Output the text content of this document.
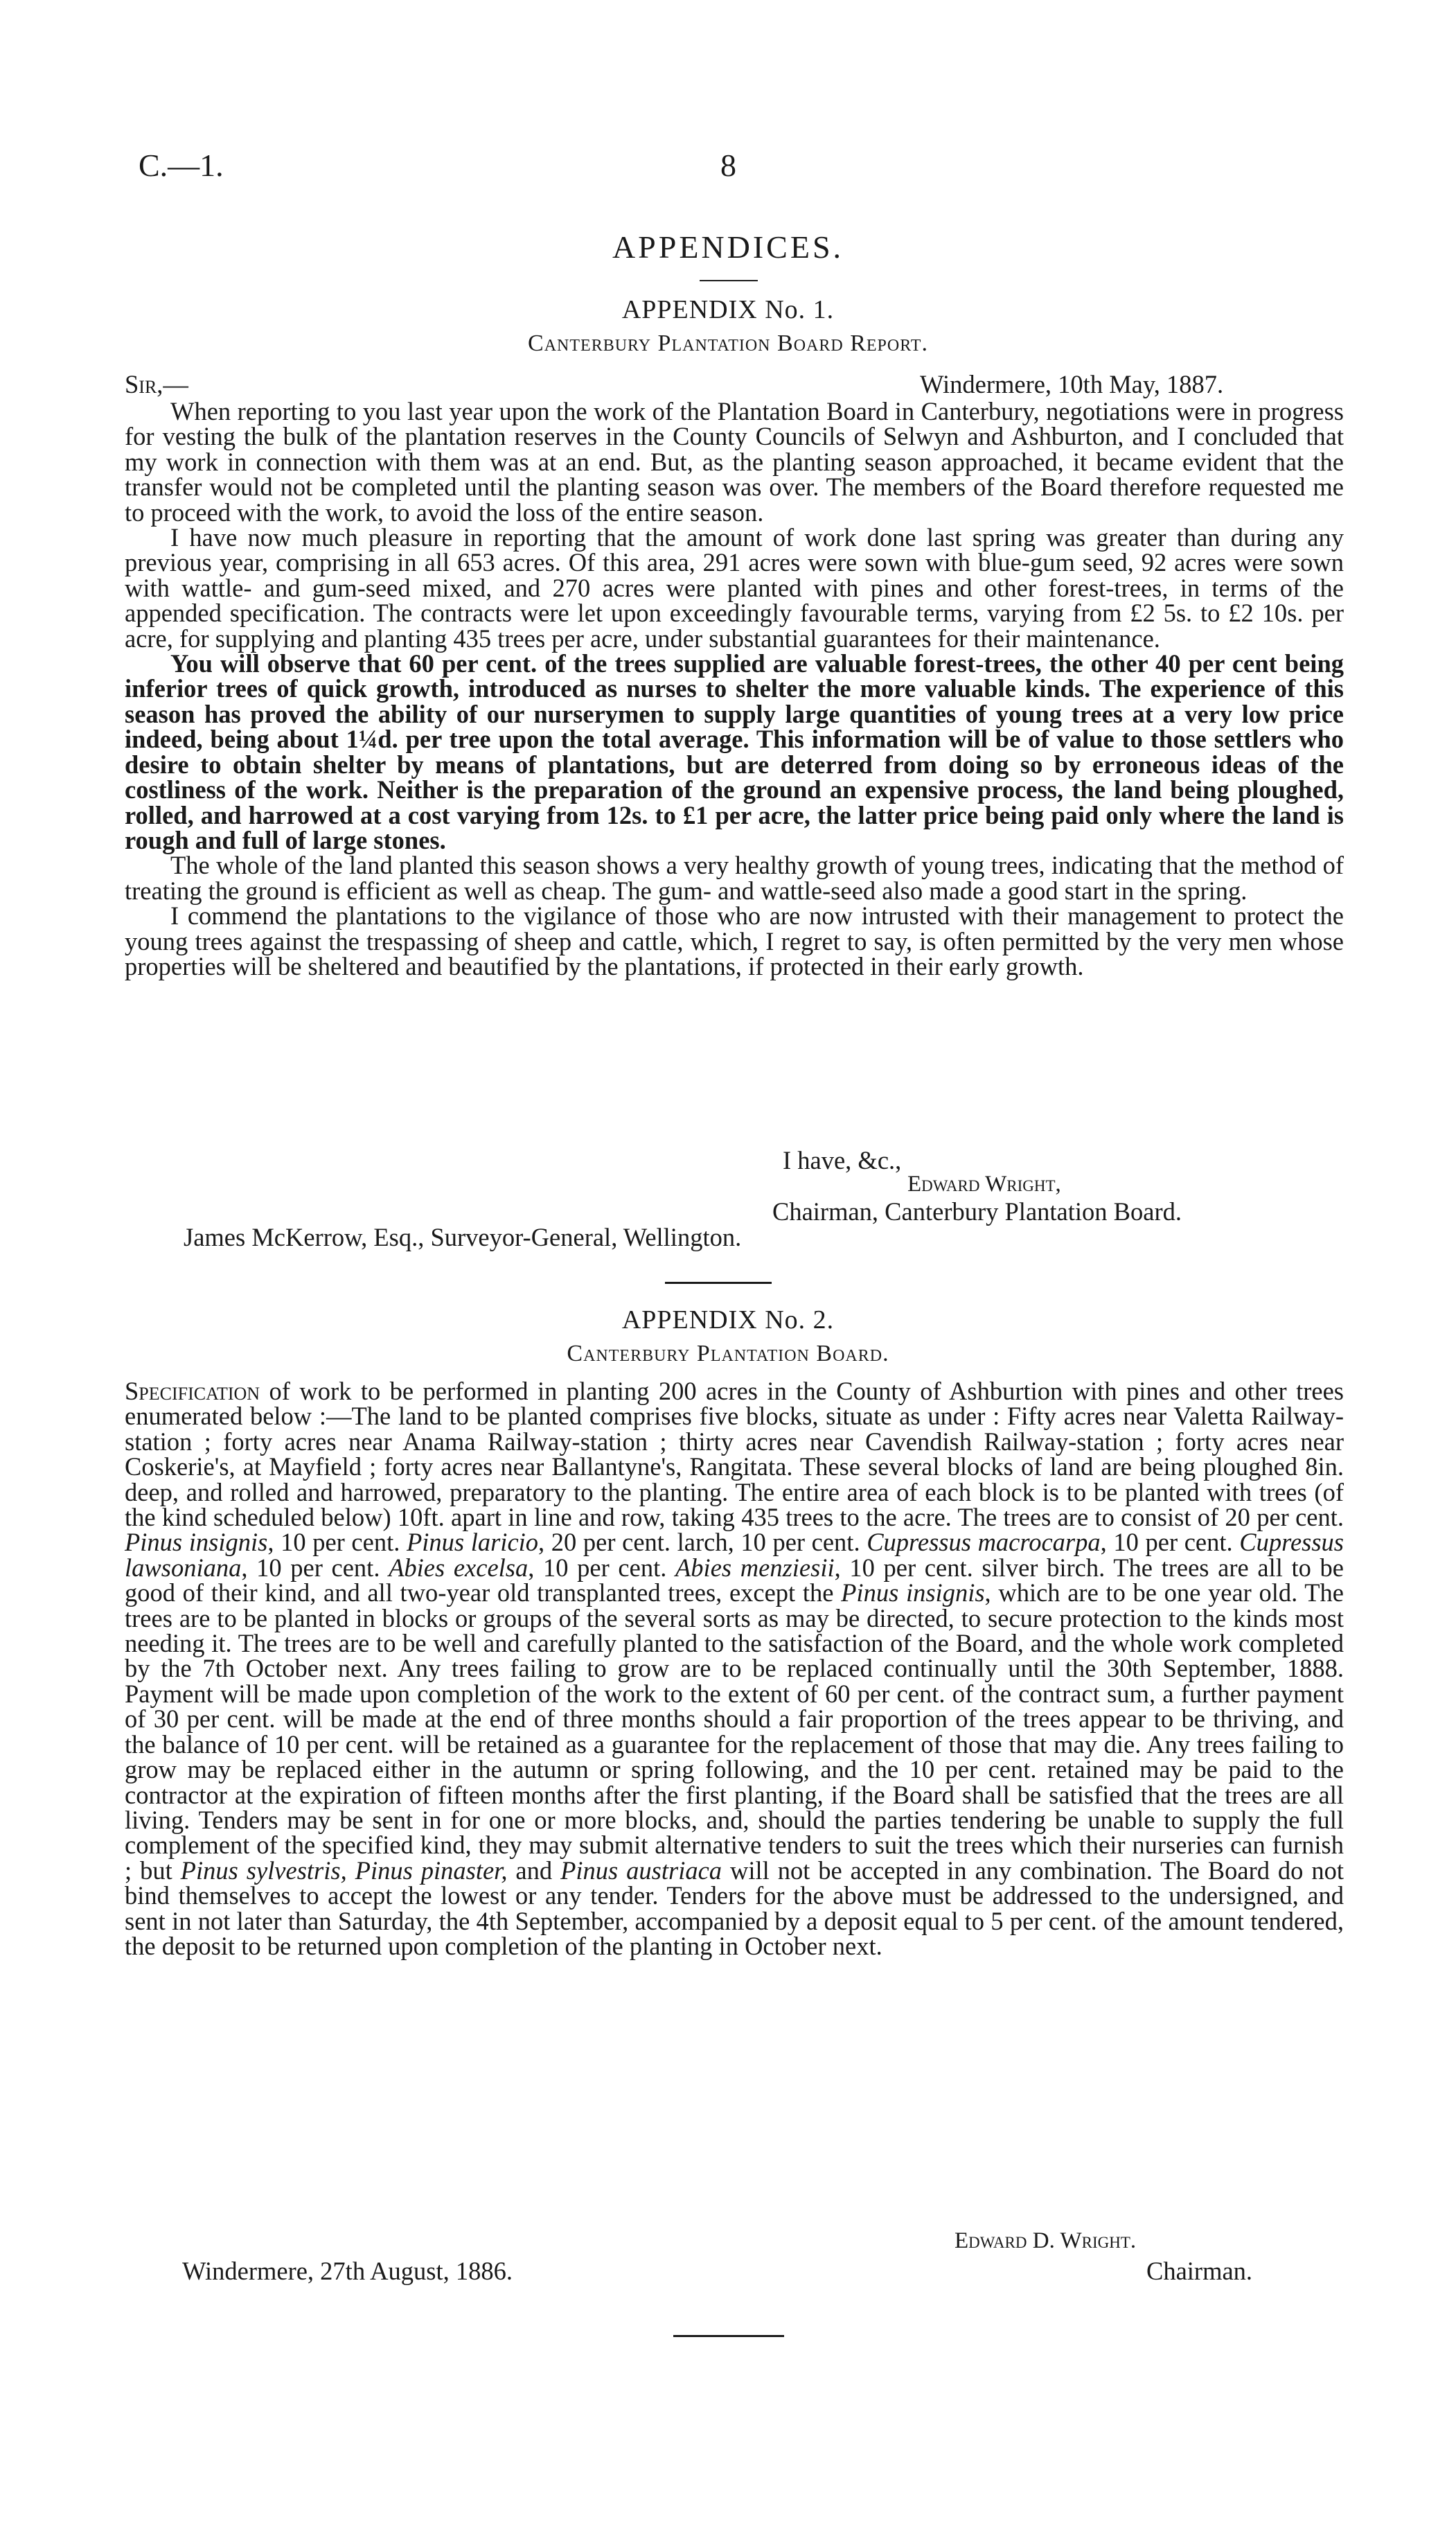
C.—1.	8
APPENDICES.
APPENDIX No. 1.
Canterbury Plantation Board Report.
Sir,—	Windermere, 10th May, 1887.

When reporting to you last year upon the work of the Plantation Board in Canterbury, negotiations were in progress for vesting the bulk of the plantation reserves in the County Councils of Selwyn and Ashburton, and I concluded that my work in connection with them was at an end. But, as the planting season approached, it became evident that the transfer would not be completed until the planting season was over. The members of the Board therefore requested me to proceed with the work, to avoid the loss of the entire season.

I have now much pleasure in reporting that the amount of work done last spring was greater than during any previous year, comprising in all 653 acres. Of this area, 291 acres were sown with blue-gum seed, 92 acres were sown with wattle- and gum-seed mixed, and 270 acres were planted with pines and other forest-trees, in terms of the appended specification. The contracts were let upon exceedingly favourable terms, varying from £2 5s. to £2 10s. per acre, for supplying and planting 435 trees per acre, under substantial guarantees for their maintenance.

You will observe that 60 per cent. of the trees supplied are valuable forest-trees, the other 40 per cent being inferior trees of quick growth, introduced as nurses to shelter the more valuable kinds. The experience of this season has proved the ability of our nurserymen to supply large quantities of young trees at a very low price indeed, being about 1¼d. per tree upon the total average. This information will be of value to those settlers who desire to obtain shelter by means of plantations, but are deterred from doing so by erroneous ideas of the costliness of the work. Neither is the preparation of the ground an expensive process, the land being ploughed, rolled, and harrowed at a cost varying from 12s. to £1 per acre, the latter price being paid only where the land is rough and full of large stones.

The whole of the land planted this season shows a very healthy growth of young trees, indicating that the method of treating the ground is efficient as well as cheap. The gum- and wattle-seed also made a good start in the spring.

I commend the plantations to the vigilance of those who are now intrusted with their management to protect the young trees against the trespassing of sheep and cattle, which, I regret to say, is often permitted by the very men whose properties will be sheltered and beautified by the plantations, if protected in their early growth.

I have, &c.,
Edward Wright,
Chairman, Canterbury Plantation Board.
James McKerrow, Esq., Surveyor-General, Wellington.
APPENDIX No. 2.
Canterbury Plantation Board.

Specification of work to be performed in planting 200 acres in the County of Ashburtion with pines and other trees enumerated below :—The land to be planted comprises five blocks, situate as under : Fifty acres near Valetta Railway-station ; forty acres near Anama Railway-station ; thirty acres near Cavendish Railway-station ; forty acres near Coskerie's, at Mayfield ; forty acres near Ballantyne's, Rangitata. These several blocks of land are being ploughed 8in. deep, and rolled and harrowed, preparatory to the planting. The entire area of each block is to be planted with trees (of the kind scheduled below) 10ft. apart in line and row, taking 435 trees to the acre. The trees are to consist of 20 per cent. Pinus insignis, 10 per cent. Pinus laricio, 20 per cent. larch, 10 per cent. Cupressus macrocarpa, 10 per cent. Cupressus lawsoniana, 10 per cent. Abies excelsa, 10 per cent. Abies menziesii, 10 per cent. silver birch. The trees are all to be good of their kind, and all two-year old transplanted trees, except the Pinus insignis, which are to be one year old. The trees are to be planted in blocks or groups of the several sorts as may be directed, to secure protection to the kinds most needing it. The trees are to be well and carefully planted to the satisfaction of the Board, and the whole work completed by the 7th October next. Any trees failing to grow are to be replaced continually until the 30th September, 1888. Payment will be made upon completion of the work to the extent of 60 per cent. of the contract sum, a further payment of 30 per cent. will be made at the end of three months should a fair proportion of the trees appear to be thriving, and the balance of 10 per cent. will be retained as a guarantee for the replacement of those that may die. Any trees failing to grow may be replaced either in the autumn or spring following, and the 10 per cent. retained may be paid to the contractor at the expiration of fifteen months after the first planting, if the Board shall be satisfied that the trees are all living. Tenders may be sent in for one or more blocks, and, should the parties tendering be unable to supply the full complement of the specified kind, they may submit alternative tenders to suit the trees which their nurseries can furnish ; but Pinus sylvestris, Pinus pinaster, and Pinus austriaca will not be accepted in any combination. The Board do not bind themselves to accept the lowest or any tender. Tenders for the above must be addressed to the undersigned, and sent in not later than Saturday, the 4th September, accompanied by a deposit equal to 5 per cent. of the amount tendered, the deposit to be returned upon completion of the planting in October next.

Edward D. Wright.
Windermere, 27th August, 1886.	Chairman.
